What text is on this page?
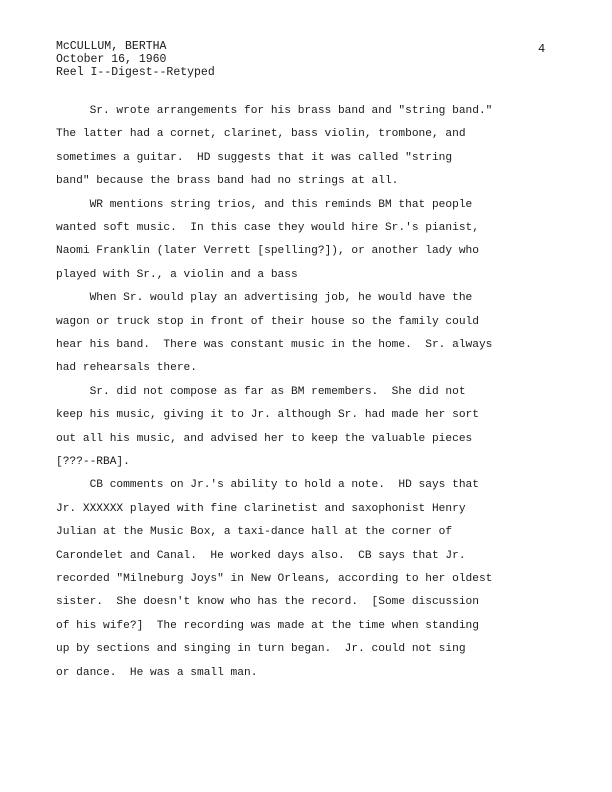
McCULLUM, BERTHA
October 16, 1960
Reel I--Digest--Retyped
4
Sr. wrote arrangements for his brass band and "string band."
The latter had a cornet, clarinet, bass violin, trombone, and
sometimes a guitar.  HD suggests that it was called "string
band" because the brass band had no strings at all.
WR mentions string trios, and this reminds BM that people
wanted soft music.  In this case they would hire Sr.'s pianist,
Naomi Franklin (later Verrett [spelling?]), or another lady who
played with Sr., a violin and a bass
When Sr. would play an advertising job, he would have the
wagon or truck stop in front of their house so the family could
hear his band.  There was constant music in the home.  Sr. always
had rehearsals there.
Sr. did not compose as far as BM remembers.  She did not
keep his music, giving it to Jr. although Sr. had made her sort
out all his music, and advised her to keep the valuable pieces
[???--RBA].
CB comments on Jr.'s ability to hold a note.  HD says that
Jr. XXXXXX played with fine clarinetist and saxophonist Henry
Julian at the Music Box, a taxi-dance hall at the corner of
Carondelet and Canal.  He worked days also.  CB says that Jr.
recorded "Milneburg Joys" in New Orleans, according to her oldest
sister.  She doesn't know who has the record.  [Some discussion
of his wife?]  The recording was made at the time when standing
up by sections and singing in turn began.  Jr. could not sing
or dance.  He was a small man.
